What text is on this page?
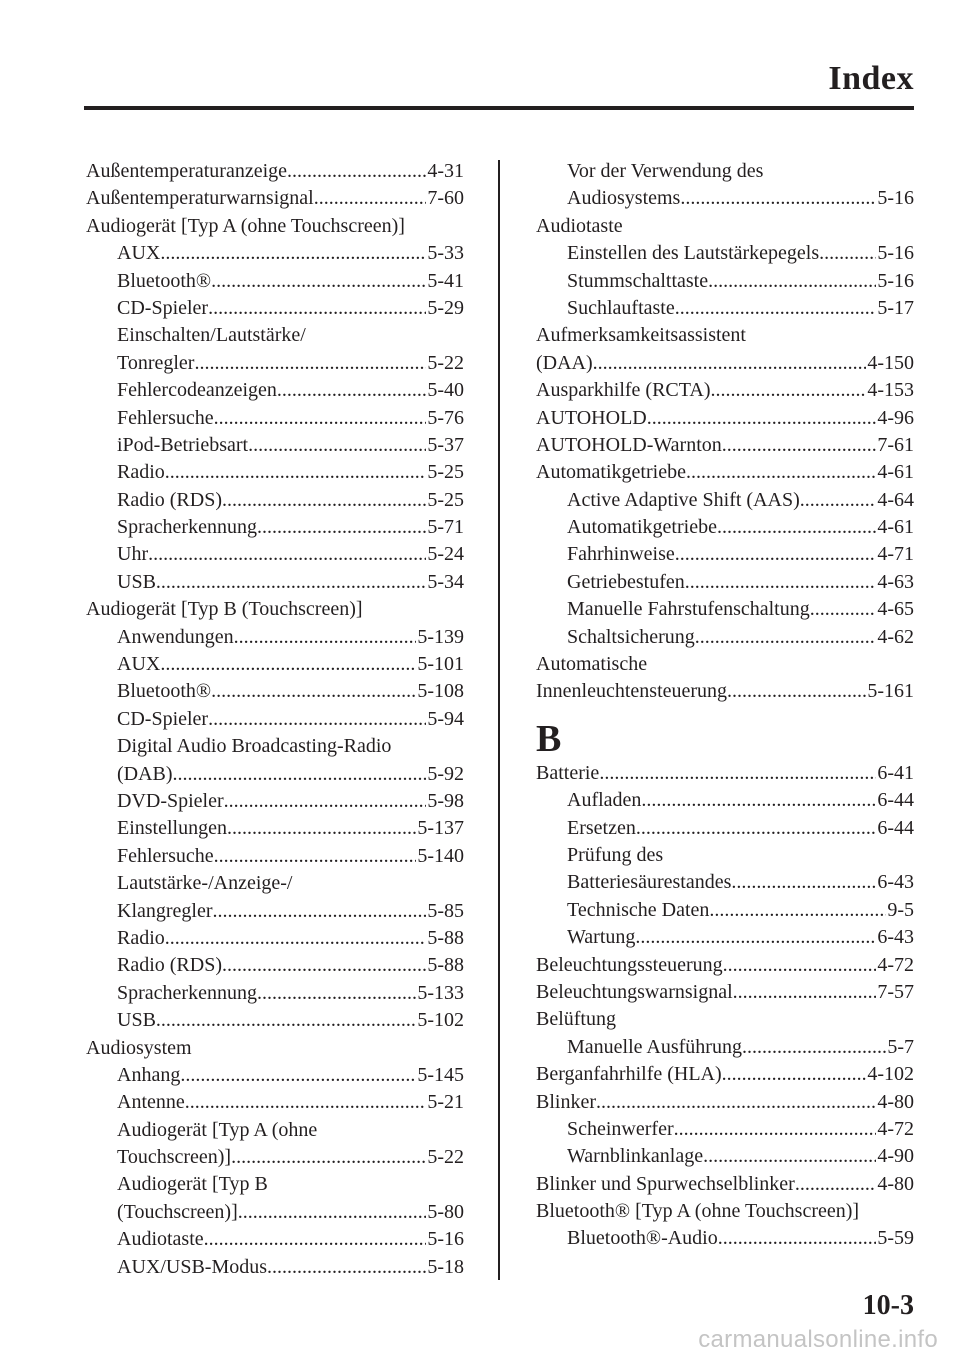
Index
Außentemperaturanzeige .....	4-31
Außentemperaturwarnsignal .....	7-60
Audiogerät [Typ A (ohne Touchscreen)]
AUX .....	5-33
Bluetooth® .....	5-41
CD-Spieler .....	5-29
Einschalten/Lautstärke/
Tonregler .....	5-22
Fehlercodeanzeigen .....	5-40
Fehlersuche .....	5-76
iPod-Betriebsart .....	5-37
Radio .....	5-25
Radio (RDS) .....	5-25
Spracherkennung .....	5-71
Uhr .....	5-24
USB .....	5-34
Audiogerät [Typ B (Touchscreen)]
Anwendungen .....	5-139
AUX .....	5-101
Bluetooth® .....	5-108
CD-Spieler .....	5-94
Digital Audio Broadcasting-Radio
(DAB) .....	5-92
DVD-Spieler .....	5-98
Einstellungen .....	5-137
Fehlersuche .....	5-140
Lautstärke-/Anzeige-/
Klangregler .....	5-85
Radio .....	5-88
Radio (RDS) .....	5-88
Spracherkennung .....	5-133
USB .....	5-102
Audiosystem
Anhang .....	5-145
Antenne .....	5-21
Audiogerät [Typ A (ohne
Touchscreen)] .....	5-22
Audiogerät [Typ B
(Touchscreen)] .....	5-80
Audiotaste .....	5-16
AUX/USB-Modus .....	5-18
Vor der Verwendung des
Audiosystems .....	5-16
Audiotaste
Einstellen des Lautstärkepegels .....	5-16
Stummschalttaste .....	5-16
Suchlauftaste .....	5-17
Aufmerksamkeitsassistent
(DAA) .....	4-150
Ausparkhilfe (RCTA) .....	4-153
AUTOHOLD .....	4-96
AUTOHOLD-Warnton .....	7-61
Automatikgetriebe .....	4-61
Active Adaptive Shift (AAS) .....	4-64
Automatikgetriebe .....	4-61
Fahrhinweise .....	4-71
Getriebestufen .....	4-63
Manuelle Fahrstufenschaltung .....	4-65
Schaltsicherung .....	4-62
Automatische
Innenleuchtensteuerung .....	5-161
B
Batterie .....	6-41
Aufladen .....	6-44
Ersetzen .....	6-44
Prüfung des
Batteriesäurestandes .....	6-43
Technische Daten .....	9-5
Wartung .....	6-43
Beleuchtungssteuerung .....	4-72
Beleuchtungswarnsignal .....	7-57
Belüftung
Manuelle Ausführung .....	5-7
Berganfahrhilfe (HLA) .....	4-102
Blinker .....	4-80
Scheinwerfer .....	4-72
Warnblinkanlage .....	4-90
Blinker und Spurwechselblinker .....	4-80
Bluetooth® [Typ A (ohne Touchscreen)]
Bluetooth®-Audio .....	5-59
10-3
carmanualsonline.info
